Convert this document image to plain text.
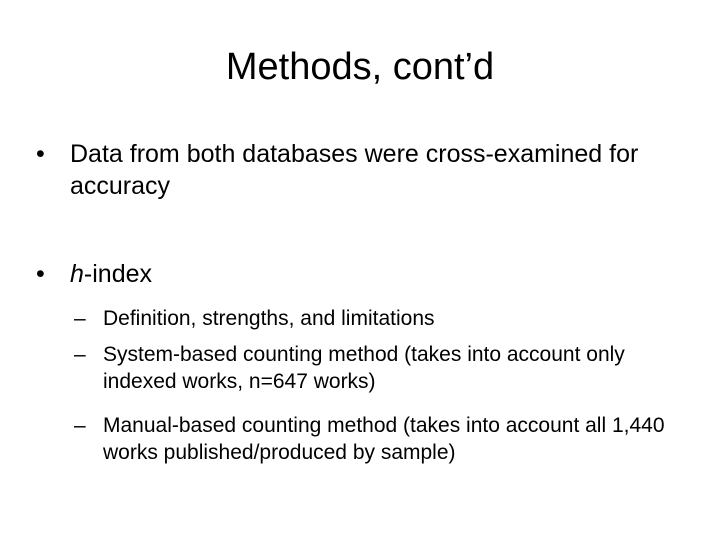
Methods, cont’d
•	Data from both databases were cross-examined for accuracy
•	h-index
– Definition, strengths, and limitations
– System-based counting method (takes into account only indexed works, n=647 works)
– Manual-based counting method (takes into account all 1,440 works published/produced by sample)
